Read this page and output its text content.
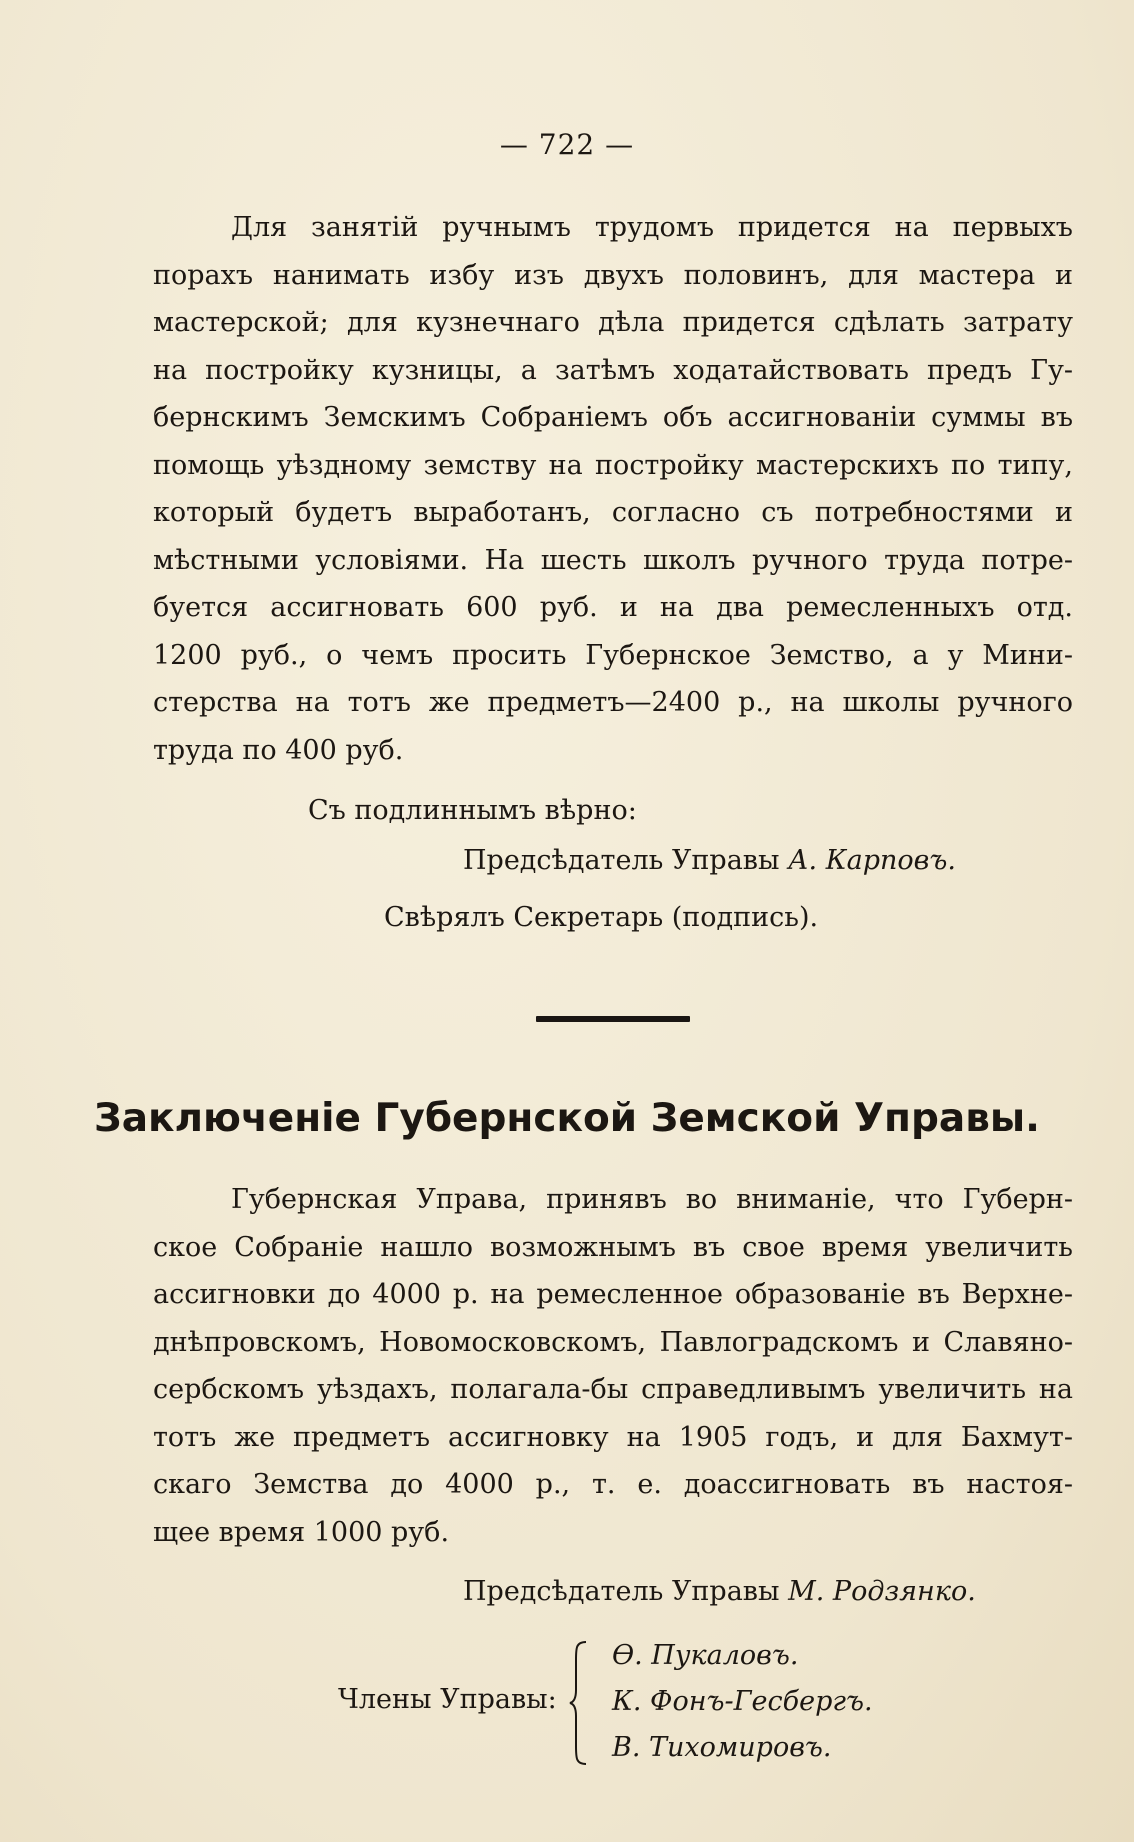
— 722 —
Для занятій ручнымъ трудомъ придется на первыхъ
порахъ нанимать избу изъ двухъ половинъ, для мастера и
мастерской; для кузнечнаго дѣла придется сдѣлать затрату
на постройку кузницы, а затѣмъ ходатайствовать предъ Гу-
бернскимъ Земскимъ Собраніемъ объ ассигнованіи суммы въ
помощь уѣздному земству на постройку мастерскихъ по типу,
который будетъ выработанъ, согласно съ потребностями и
мѣстными условіями. На шесть школъ ручного труда потре-
буется ассигновать 600 руб. и на два ремесленныхъ отд.
1200 руб., о чемъ просить Губернское Земство, а у Мини-
стерства на тотъ же предметъ—2400 р., на школы ручного
труда по 400 руб.
Съ подлиннымъ вѣрно:
Предсѣдатель Управы А. Карповъ.
Свѣрялъ Секретарь (подпись).
Заключеніе Губернской Земской Управы.
Губернская Управа, принявъ во вниманіе, что Губерн-
ское Собраніе нашло возможнымъ въ свое время увеличить
ассигновки до 4000 р. на ремесленное образованіе въ Верхне-
днѣпровскомъ, Новомосковскомъ, Павлоградскомъ и Славяно-
сербскомъ уѣздахъ, полагала-бы справедливымъ увеличить на
тотъ же предметъ ассигновку на 1905 годъ, и для Бахмут-
скаго Земства до 4000 р., т. е. доассигновать въ настоя-
щее время 1000 руб.
Предсѣдатель Управы М. Родзянко.
Члены Управы:
Ѳ. Пукаловъ.
К. Фонъ-Гесбергъ.
В. Тихомировъ.
